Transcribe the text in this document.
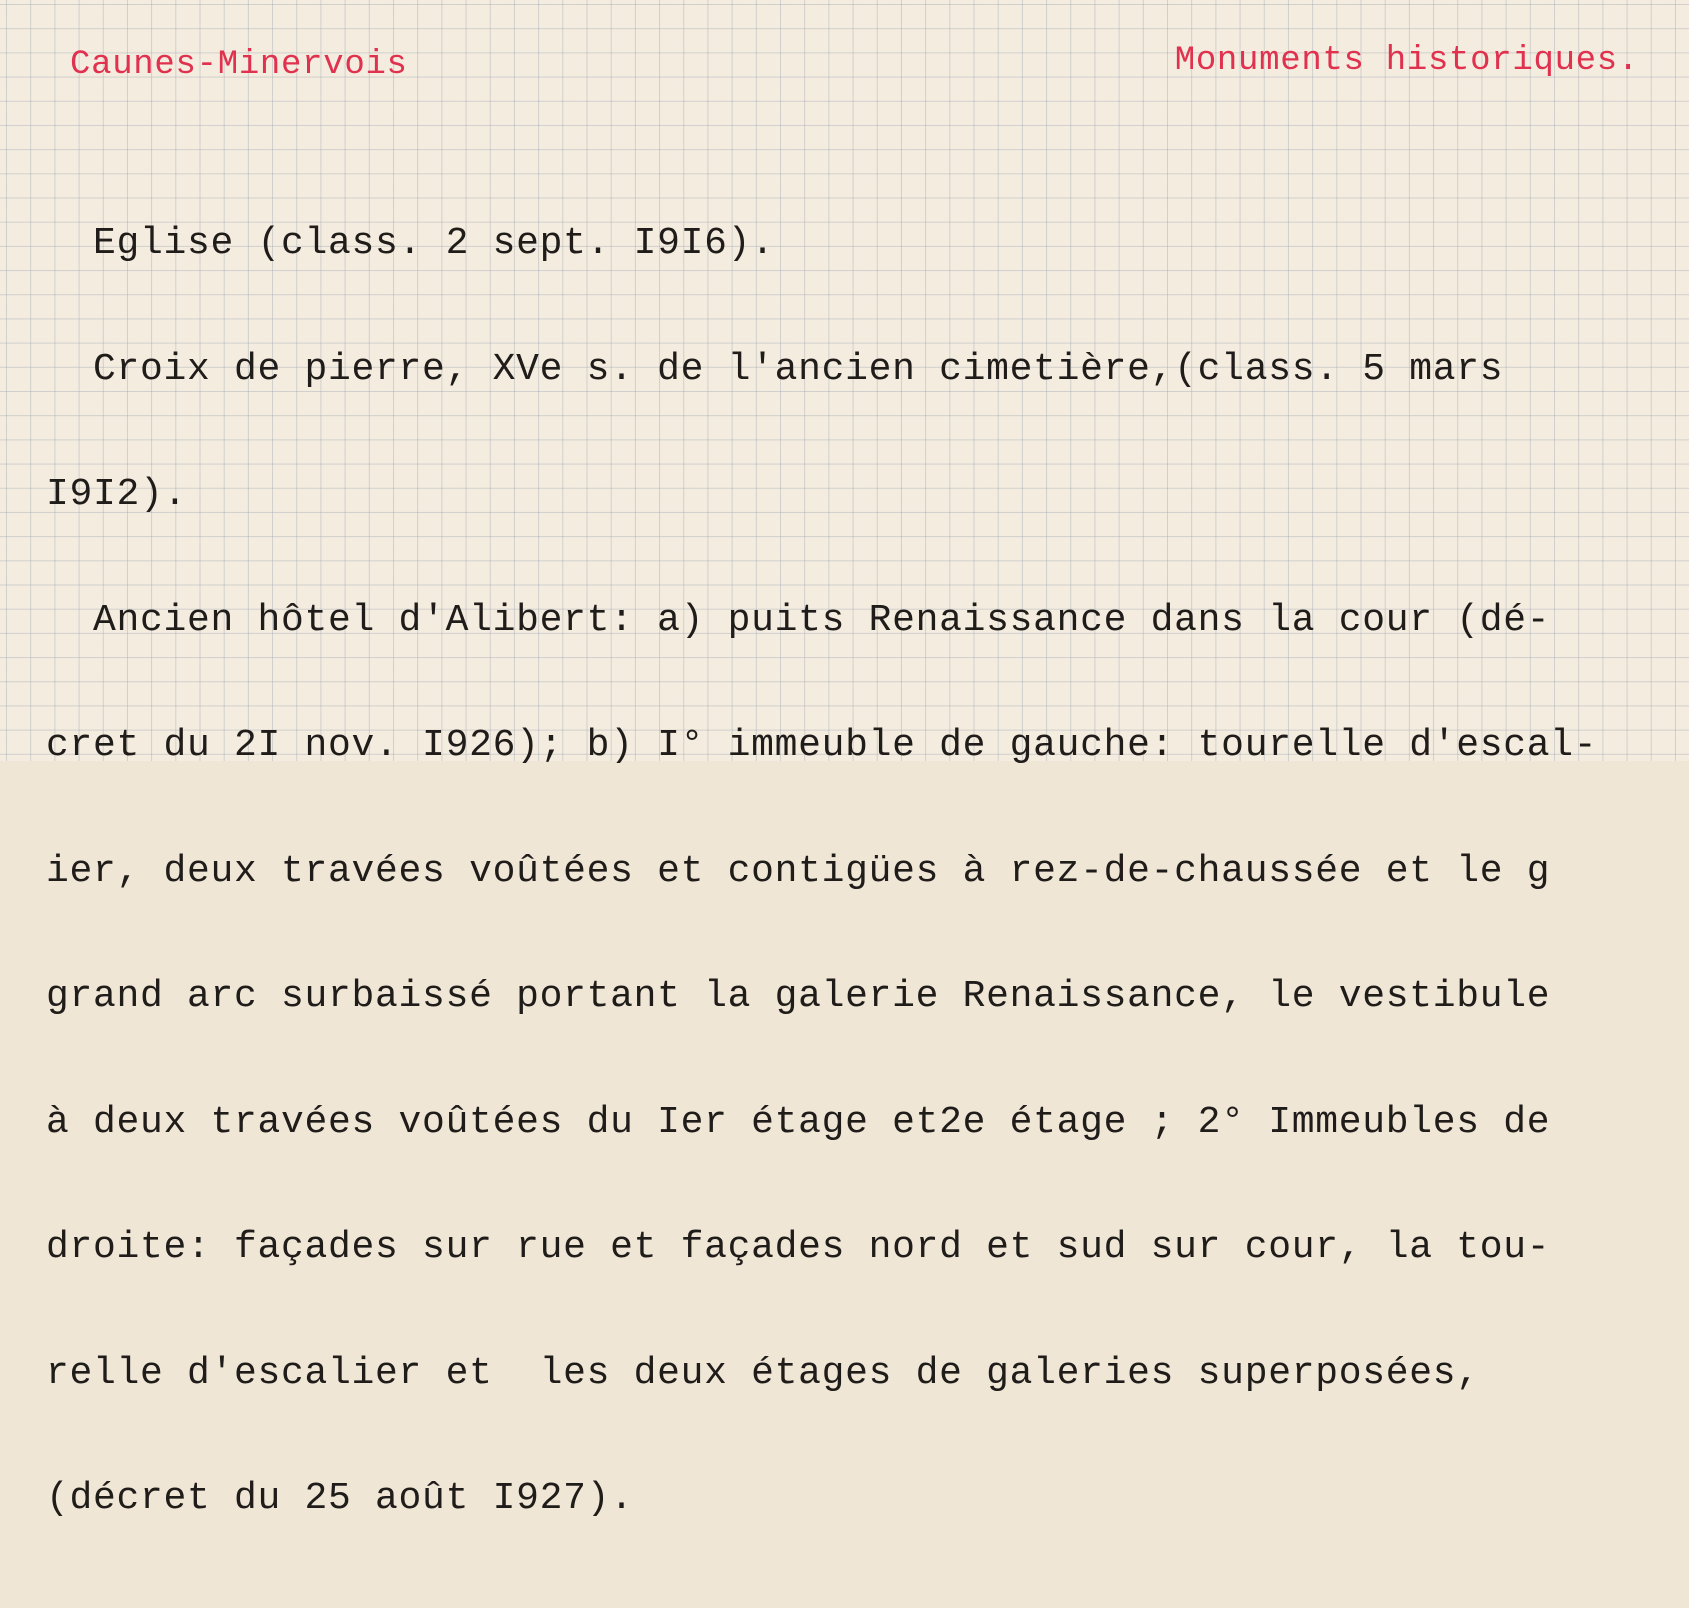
Caunes-Minervois	Monuments historiques.

Eglise (class. 2 sept. I9I6).

Croix de pierre, XVe s. de l'ancien cimetière,(class. 5 mars

I9I2).

Ancien hôtel d'Alibert: a) puits Renaissance dans la cour (dé-

cret du 2I nov. I926); b) I° immeuble de gauche: tourelle d'escal-

ier, deux travées voûtées et contigües à rez-de-chaussée et le g

grand arc surbaissé portant la galerie Renaissance, le vestibule

à deux travées voûtées du Ier étage et2e étage ; 2° Immeubles de

droite: façades sur rue et façades nord et sud sur cour, la tou-

relle d'escalier et  les deux étages de galeries superposées,

(décret du 25 août I927).
